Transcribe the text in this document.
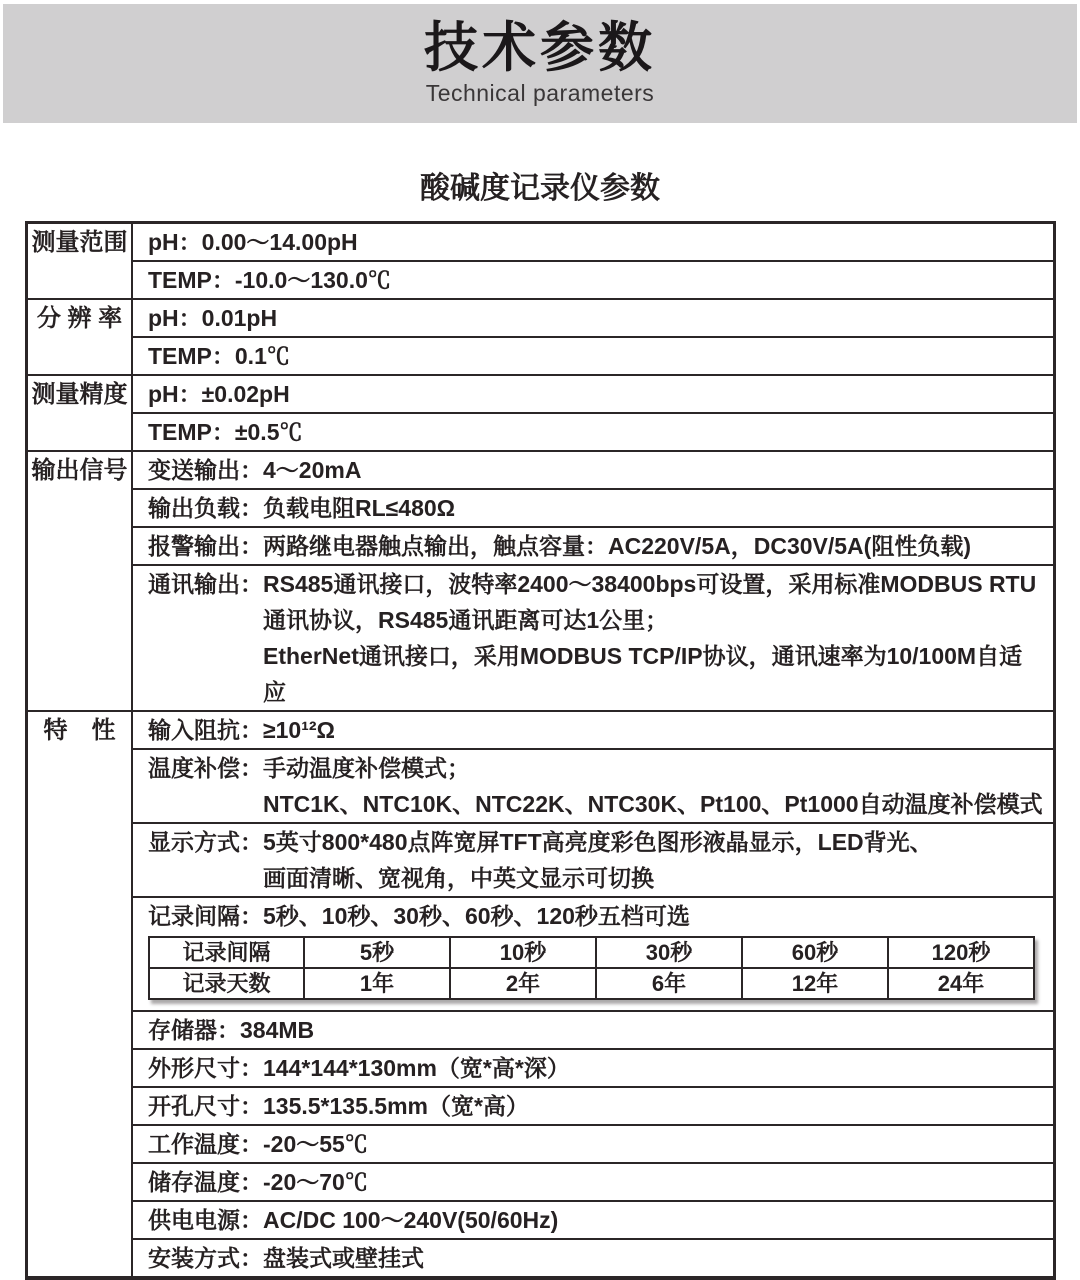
技术参数
Technical parameters
酸碱度记录仪参数
测量范围 pH：0.00～14.00pH
TEMP：-10.0～130.0℃
分 辨 率	pH：0.01pH
TEMP：0.1℃
测量精度 pH：±0.02pH
TEMP：±0.5℃
输出信号 变送输出：4～20mA
输出负载：负载电阻RL≤480Ω
报警输出：两路继电器触点输出，触点容量：AC220V/5A，DC30V/5A(阻性负载)
通讯输出： RS485通讯接口，波特率2400～38400bps可设置，采用标准MODBUS RTU
通讯协议，RS485通讯距离可达1公里；
EtherNet通讯接口，采用MODBUS TCP/IP协议，通讯速率为10/100M自适应
特　性	输入阻抗：≥10¹²Ω
温度补偿： 手动温度补偿模式；
NTC1K、NTC10K、NTC22K、NTC30K、Pt100、Pt1000自动温度补偿模式
显示方式： 5英寸800*480点阵宽屏TFT高亮度彩色图形液晶显示，LED背光、
画面清晰、宽视角，中英文显示可切换
记录间隔：5秒、10秒、30秒、60秒、120秒五档可选
记录间隔	5秒	10秒	30秒	60秒	120秒
记录天数	1年	2年	6年	12年	24年
存储器：384MB
外形尺寸：144*144*130mm（宽*高*深）
开孔尺寸：135.5*135.5mm（宽*高）
工作温度：-20～55℃
储存温度：-20～70℃
供电电源：AC/DC 100～240V(50/60Hz)
安装方式：盘装式或壁挂式
